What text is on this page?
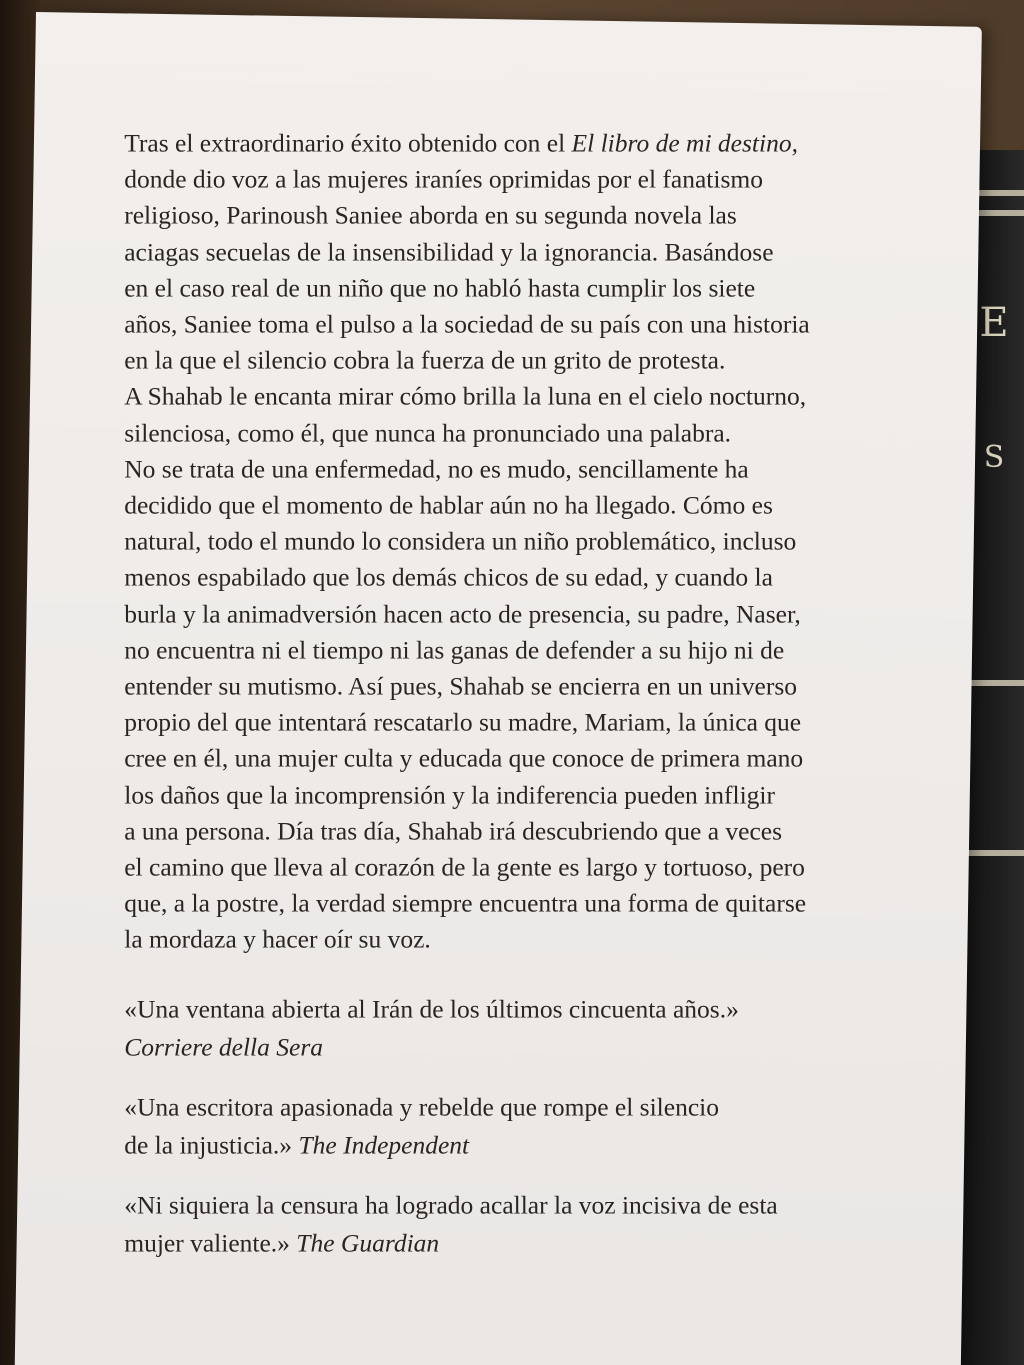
E
S

Tras el extraordinario éxito obtenido con el El libro de mi destino,
donde dio voz a las mujeres iraníes oprimidas por el fanatismo
religioso, Parinoush Saniee aborda en su segunda novela las
aciagas secuelas de la insensibilidad y la ignorancia. Basándose
en el caso real de un niño que no habló hasta cumplir los siete
años, Saniee toma el pulso a la sociedad de su país con una historia
en la que el silencio cobra la fuerza de un grito de protesta.
A Shahab le encanta mirar cómo brilla la luna en el cielo nocturno,
silenciosa, como él, que nunca ha pronunciado una palabra.
No se trata de una enfermedad, no es mudo, sencillamente ha
decidido que el momento de hablar aún no ha llegado. Cómo es
natural, todo el mundo lo considera un niño problemático, incluso
menos espabilado que los demás chicos de su edad, y cuando la
burla y la animadversión hacen acto de presencia, su padre, Naser,
no encuentra ni el tiempo ni las ganas de defender a su hijo ni de
entender su mutismo. Así pues, Shahab se encierra en un universo
propio del que intentará rescatarlo su madre, Mariam, la única que
cree en él, una mujer culta y educada que conoce de primera mano
los daños que la incomprensión y la indiferencia pueden infligir
a una persona. Día tras día, Shahab irá descubriendo que a veces
el camino que lleva al corazón de la gente es largo y tortuoso, pero
que, a la postre, la verdad siempre encuentra una forma de quitarse
la mordaza y hacer oír su voz.

«Una ventana abierta al Irán de los últimos cincuenta años.»
Corriere della Sera

«Una escritora apasionada y rebelde que rompe el silencio
de la injusticia.» The Independent

«Ni siquiera la censura ha logrado acallar la voz incisiva de esta
mujer valiente.» The Guardian
